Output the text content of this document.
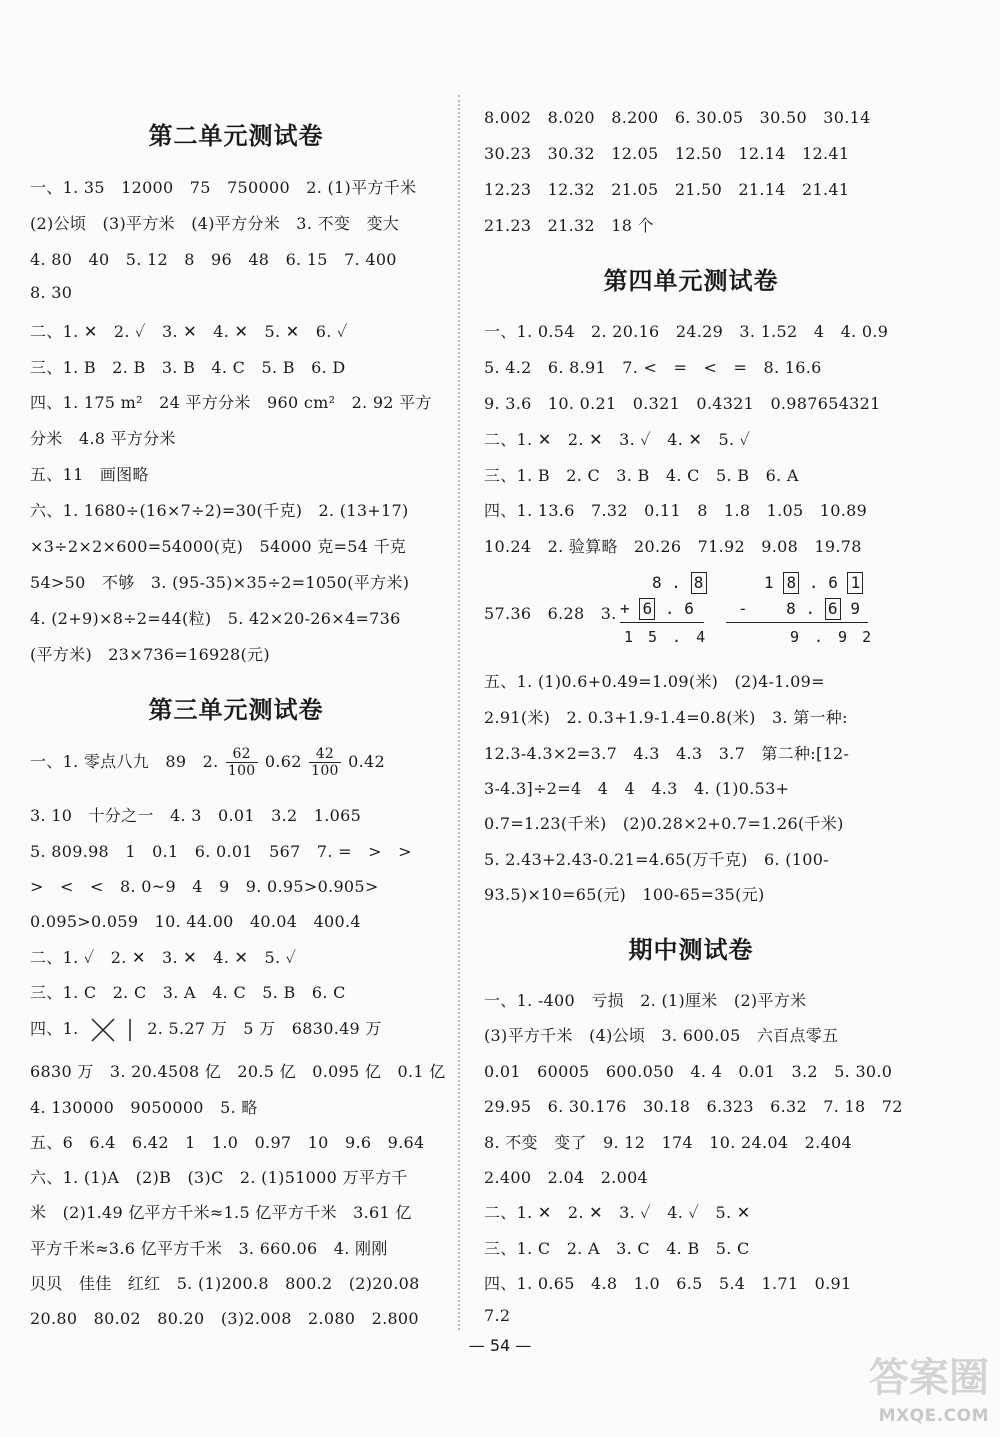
第二单元测试卷
一、1. 35　12000　75　750000　2. (1)平方千米
(2)公顷　(3)平方米　(4)平方分米　3. 不变　变大
4. 80　40　5. 12　8　96　48　6. 15　7. 400
8. 30
二、1. ✕　2. ✓　3. ✕　4. ✕　5. ✕　6. ✓
三、1. B　2. B　3. B　4. C　5. B　6. D
四、1. 175 m²　24 平方分米　960 cm²　2. 92 平方
分米　4.8 平方分米
五、11　画图略
六、1. 1680÷(16×7÷2)=30(千克)　2. (13+17)
×3÷2×2×600=54000(克)　54000 克=54 千克
54>50　不够　3. (95-35)×35÷2=1050(平方米)
4. (2+9)×8÷2=44(粒)　5. 42×20-26×4=736
(平方米)　23×736=16928(元)
第三单元测试卷
一、1. 零点八九　89　2. $\frac{62}{100} 0.62 \frac{42}{100} 0.42$
3. 10　十分之一　4. 3　0.01　3.2　1.065
5. 809.98　1　0.1　6. 0.01　567　7. =　>　>
>　<　<　8. 0~9　4　9　9. 0.95>0.905>
0.095>0.059　10. 44.00　40.04　400.4
二、1. ✓　2. ✕　3. ✕　4. ✕　5. ✓
三、1. C　2. C　3. A　4. C　5. B　6. C
四、1.	2. 5.27 万　5 万　6830.49 万
6830 万　3. 20.4508 亿　20.5 亿　0.095 亿　0.1 亿
4. 130000　9050000　5. 略
五、6　6.4　6.42　1　1.0　0.97　10　9.6　9.64
六、1. (1)A　(2)B　(3)C　2. (1)51000 万平方千
米　(2)1.49 亿平方千米≈1.5 亿平方千米　3.61 亿
平方千米≈3.6 亿平方千米　3. 660.06　4. 刚刚
贝贝　佳佳　红红　5. (1)200.8　800.2　(2)20.08
20.80　80.02　80.20　(3)2.008　2.080　2.800
8.002　8.020　8.200　6. 30.05　30.50　30.14
30.23　30.32　12.05　12.50　12.14　12.41
12.23　12.32　21.05　21.50　21.14　21.41
21.23　21.32　18 个
第四单元测试卷
一、1. 0.54　2. 20.16　24.29　3. 1.52　4　4. 0.9
5. 4.2　6. 8.91　7. <　=　<　=　8. 16.6
9. 3.6　10. 0.21　0.321　0.4321　0.987654321
二、1. ✕　2. ✕　3. ✓　4. ✕　5. ✓
三、1. B　2. C　3. B　4. C　5. B　6. A
四、1. 13.6　7.32　0.11　8　1.8　1.05　10.89
10.24　2. 验算略　20.26　71.92　9.08　19.78
57.36　6.28　3.
8 . 8
+ 6 . 6
1　5　.　4
1 8 . 6 1
- 8 . 6 9
9　.　9　2
五、1. (1)0.6+0.49=1.09(米)　(2)4-1.09=
2.91(米)　2. 0.3+1.9-1.4=0.8(米)　3. 第一种:
12.3-4.3×2=3.7　4.3　4.3　3.7　第二种:[12-
3-4.3]÷2=4　4　4　4.3　4. (1)0.53+
0.7=1.23(千米)　(2)0.28×2+0.7=1.26(千米)
5. 2.43+2.43-0.21=4.65(万千克)　6. (100-
93.5)×10=65(元)　100-65=35(元)
期中测试卷
一、1. -400　亏损　2. (1)厘米　(2)平方米
(3)平方千米　(4)公顷　3. 600.05　六百点零五
0.01　60005　600.050　4. 4　0.01　3.2　5. 30.0
29.95　6. 30.176　30.18　6.323　6.32　7. 18　72
8. 不变　变了　9. 12　174　10. 24.04　2.404
2.400　2.04　2.004
二、1. ✕　2. ✕　3. ✓　4. ✓　5. ✕
三、1. C　2. A　3. C　4. B　5. C
四、1. 0.65　4.8　1.0　6.5　5.4　1.71　0.91
7.2
— 54 —
答案圈
MXQE.COM
